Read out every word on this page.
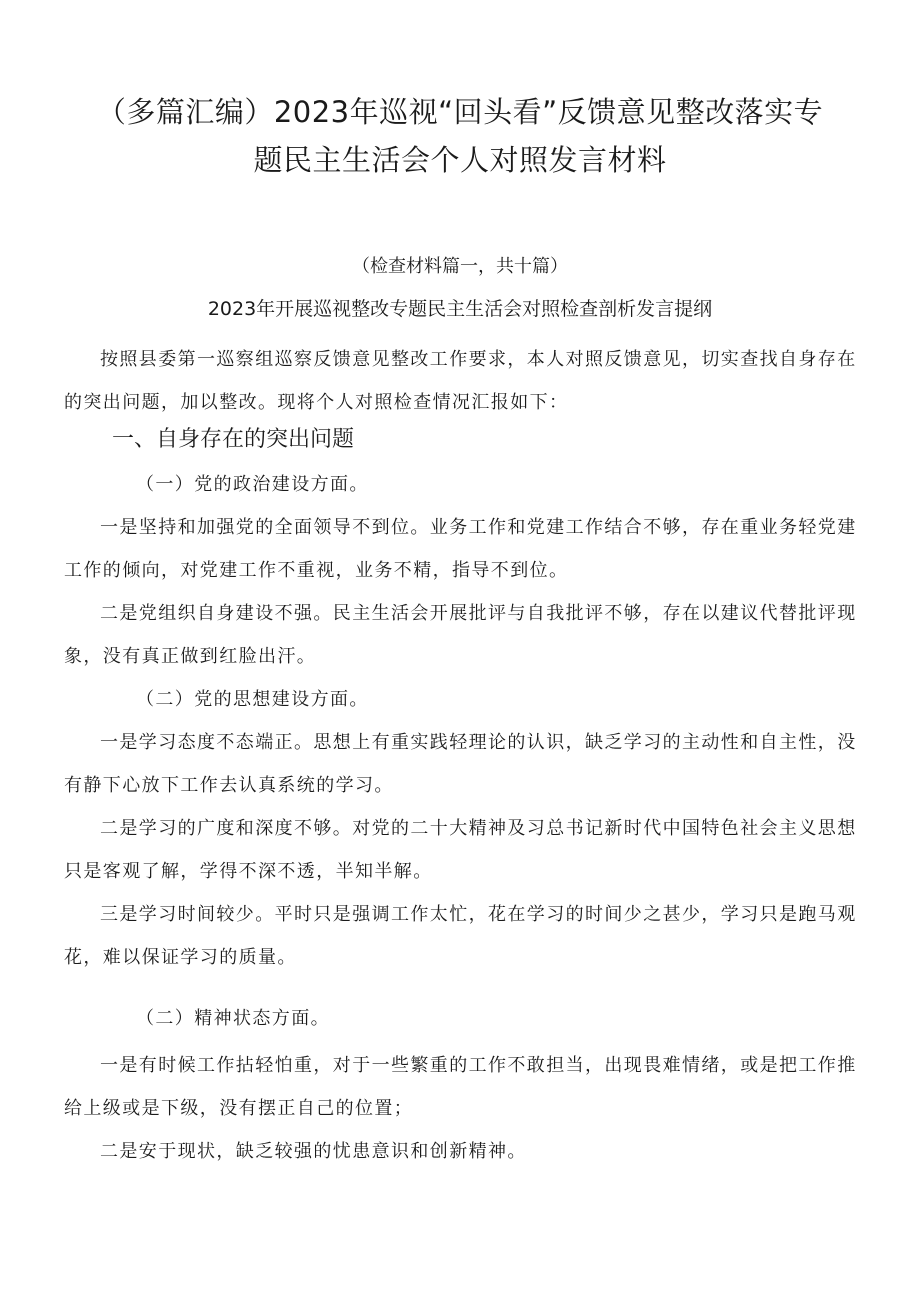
（多篇汇编）2023年巡视“回头看”反馈意见整改落实专
题民主生活会个人对照发言材料
（检查材料篇一，共十篇）
2023年开展巡视整改专题民主生活会对照检查剖析发言提纲

按照县委第一巡察组巡察反馈意见整改工作要求，本人对照反馈意见，切实查找自身存在的突出问题，加以整改。现将个人对照检查情况汇报如下：

一、自身存在的突出问题

（一）党的政治建设方面。

一是坚持和加强党的全面领导不到位。业务工作和党建工作结合不够，存在重业务轻党建工作的倾向，对党建工作不重视，业务不精，指导不到位。

二是党组织自身建设不强。民主生活会开展批评与自我批评不够，存在以建议代替批评现象，没有真正做到红脸出汗。

（二）党的思想建设方面。

一是学习态度不态端正。思想上有重实践轻理论的认识，缺乏学习的主动性和自主性，没有静下心放下工作去认真系统的学习。

二是学习的广度和深度不够。对党的二十大精神及习总书记新时代中国特色社会主义思想只是客观了解，学得不深不透，半知半解。

三是学习时间较少。平时只是强调工作太忙，花在学习的时间少之甚少，学习只是跑马观花，难以保证学习的质量。

（二）精神状态方面。

一是有时候工作拈轻怕重，对于一些繁重的工作不敢担当，出现畏难情绪，或是把工作推给上级或是下级，没有摆正自己的位置；

二是安于现状，缺乏较强的忧患意识和创新精神。
